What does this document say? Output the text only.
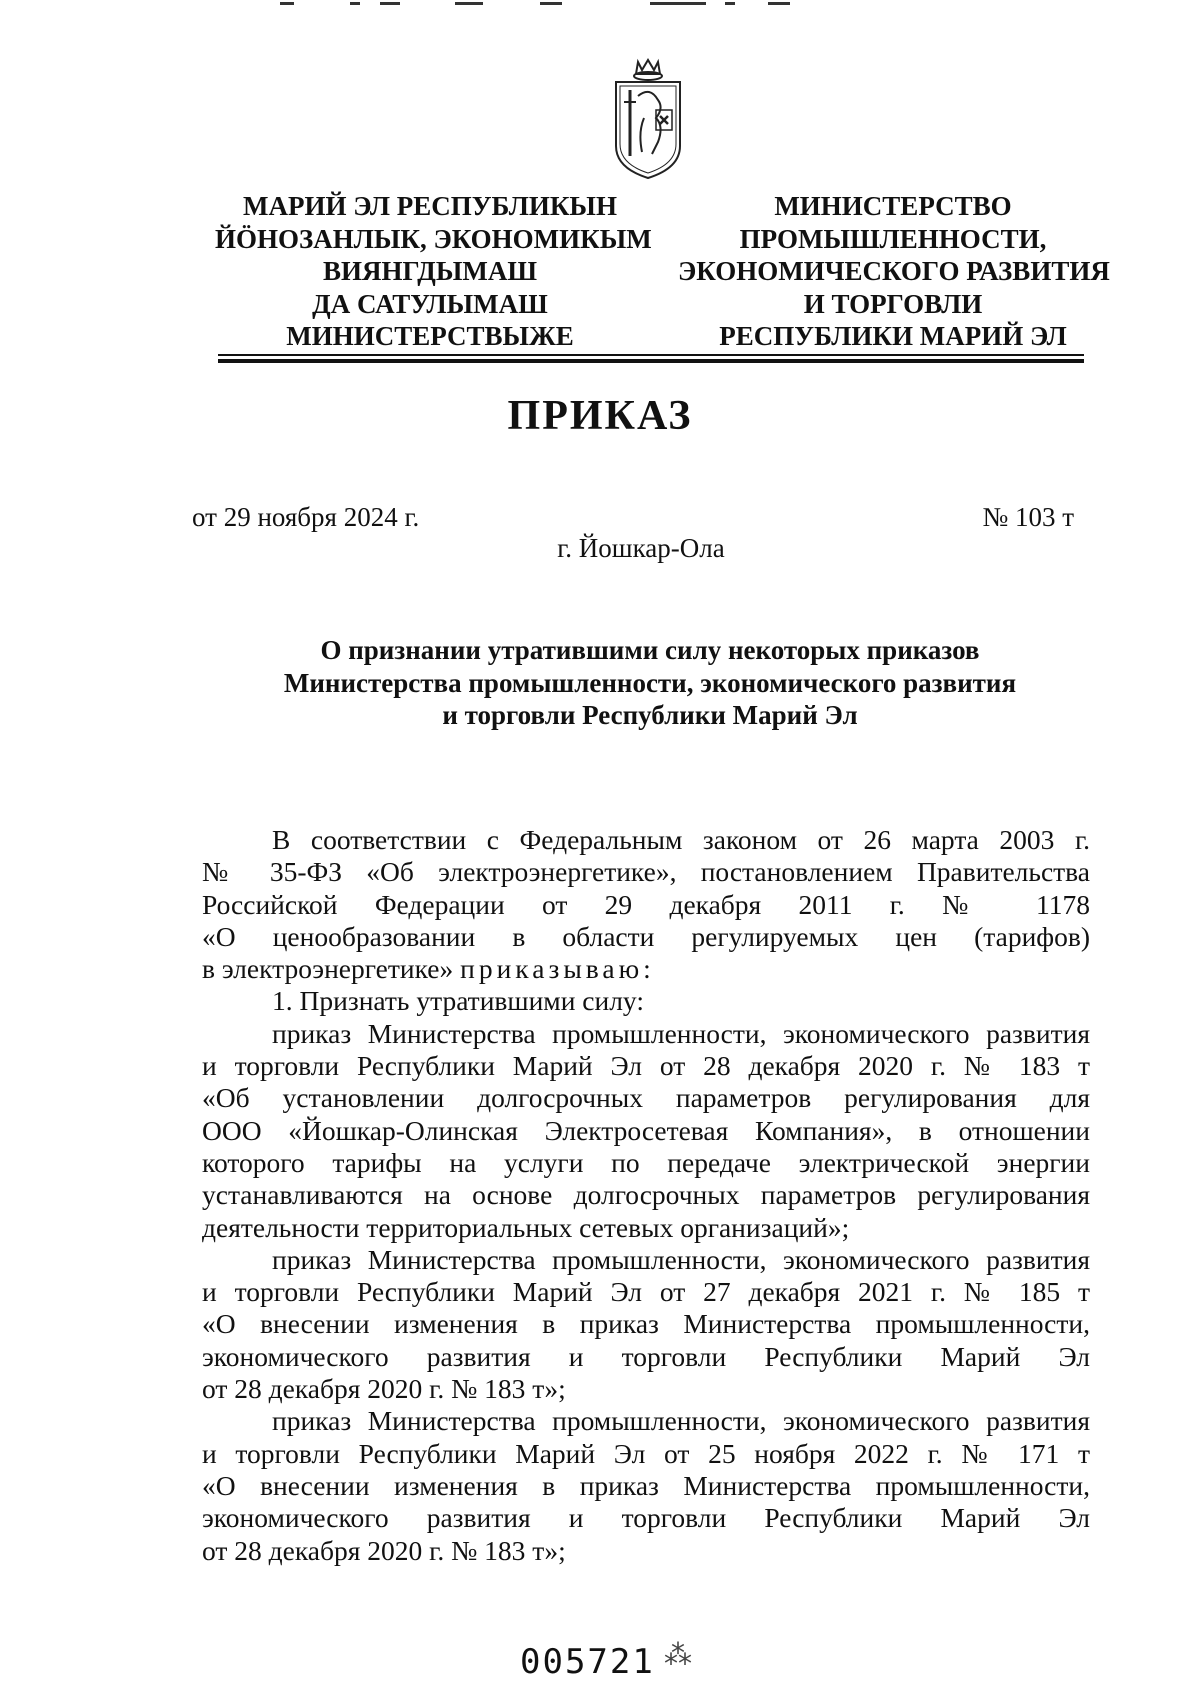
МАРИЙ ЭЛ РЕСПУБЛИКЫН
ЙӦНОЗАНЛЫК, ЭКОНОМИКЫМ
ВИЯНГДЫМАШ
ДА САТУЛЫМАШ
МИНИСТЕРСТВЫЖЕ
МИНИСТЕРСТВО
ПРОМЫШЛЕННОСТИ,
ЭКОНОМИЧЕСКОГО РАЗВИТИЯ
И ТОРГОВЛИ
РЕСПУБЛИКИ МАРИЙ ЭЛ
ПРИКАЗ
от 29 ноября 2024 г.	№ 103 т
г. Йошкар-Ола
О признании утратившими силу некоторых приказов
Министерства промышленности, экономического развития
и торговли Республики Марий Эл
В соответствии с Федеральным законом от 26 марта 2003 г.
№ 35-ФЗ «Об электроэнергетике», постановлением Правительства
Российской Федерации от 29 декабря 2011 г. № 1178
«О ценообразовании в области регулируемых цен (тарифов)
в электроэнергетике» приказываю:
1. Признать утратившими силу:
приказ Министерства промышленности, экономического развития
и торговли Республики Марий Эл от 28 декабря 2020 г. № 183 т
«Об установлении долгосрочных параметров регулирования для
ООО «Йошкар-Олинская Электросетевая Компания», в отношении
которого тарифы на услуги по передаче электрической энергии
устанавливаются на основе долгосрочных параметров регулирования
деятельности территориальных сетевых организаций»;
приказ Министерства промышленности, экономического развития
и торговли Республики Марий Эл от 27 декабря 2021 г. № 185 т
«О внесении изменения в приказ Министерства промышленности,
экономического развития и торговли Республики Марий Эл
от 28 декабря 2020 г. № 183 т»;
приказ Министерства промышленности, экономического развития
и торговли Республики Марий Эл от 25 ноября 2022 г. № 171 т
«О внесении изменения в приказ Министерства промышленности,
экономического развития и торговли Республики Марий Эл
от 28 декабря 2020 г. № 183 т»;
005721 ⁂
